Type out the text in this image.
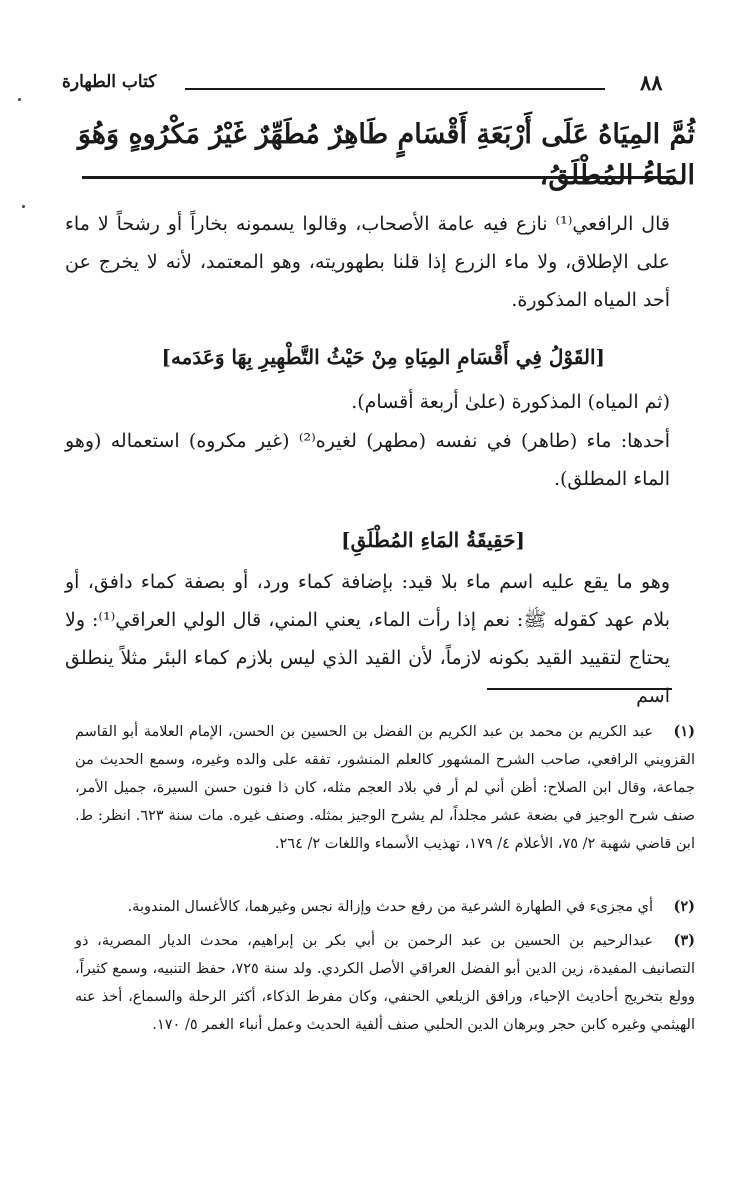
٨٨
كتاب الطهارة
ثُمَّ المِيَاهُ عَلَى أَرْبَعَةِ أَقْسَامٍ طَاهِرٌ مُطَهِّرٌ غَيْرُ مَكْرُوهٍ وَهُوَ المَاءُ المُطْلَقُ،
قال الرافعي⁽¹⁾ نازع فيه عامة الأصحاب، وقالوا يسمونه بخاراً أو رشحاً لا ماء على الإطلاق، ولا ماء الزرع إذا قلنا بطهوريته، وهو المعتمد، لأنه لا يخرج عن أحد المياه المذكورة.
[القَوْلُ فِي أَقْسَامِ المِيَاهِ مِنْ حَيْثُ التَّطْهِيرِ بِهَا وَعَدَمه]
(ثم المياه) المذكورة (علىٰ أربعة أقسام).
أحدها: ماء (طاهر) في نفسه (مطهر) لغيره⁽²⁾ (غير مكروه) استعماله (وهو الماء المطلق).
[حَقِيقَةُ المَاءِ المُطْلَقِ]
وهو ما يقع عليه اسم ماء بلا قيد: بإضافة كماء ورد، أو بصفة كماء دافق، أو بلام عهد كقوله ﷺ: نعم إذا رأت الماء، يعني المني، قال الولي العراقي⁽¹⁾: ولا يحتاج لتقييد القيد بكونه لازماً، لأن القيد الذي ليس بلازم كماء البئر مثلاً ينطلق اسم
(١)عبد الكريم بن محمد بن عبد الكريم بن الفضل بن الحسين بن الحسن، الإمام العلامة أبو القاسم القزويني الرافعي، صاحب الشرح المشهور كالعلم المنشور، تفقه على والده وغيره، وسمع الحديث من جماعة، وقال ابن الصلاح: أظن أني لم أر في بلاد العجم مثله، كان ذا فنون حسن السيرة، جميل الأمر، صنف شرح الوجيز في بضعة عشر مجلداً، لم يشرح الوجيز بمثله. وصنف غيره. مات سنة ٦٢٣. انظر: ط. ابن قاضي شهبة ٢/ ٧٥، الأعلام ٤/ ١٧٩، تهذيب الأسماء واللغات ٢/ ٢٦٤.
(٢)أي مجزىء في الطهارة الشرعية من رفع حدث وإزالة نجس وغيرهما، كالأغسال المندوبة.
(٣)عبدالرحيم بن الحسين بن عبد الرحمن بن أبي بكر بن إبراهيم، محدث الديار المصرية، ذو التصانيف المفيدة، زين الدين أبو الفضل العراقي الأصل الكردي. ولد سنة ٧٢٥، حفظ التنبيه، وسمع كثيراً، وولع بتخريج أحاديث الإحياء، ورافق الزيلعي الحنفي، وكان مفرط الذكاء، أكثر الرحلة والسماع، أخذ عنه الهيثمي وغيره كابن حجر وبرهان الدين الحلبي صنف ألفية الحديث وعمل أنباء الغمر ٥/ ١٧٠.
